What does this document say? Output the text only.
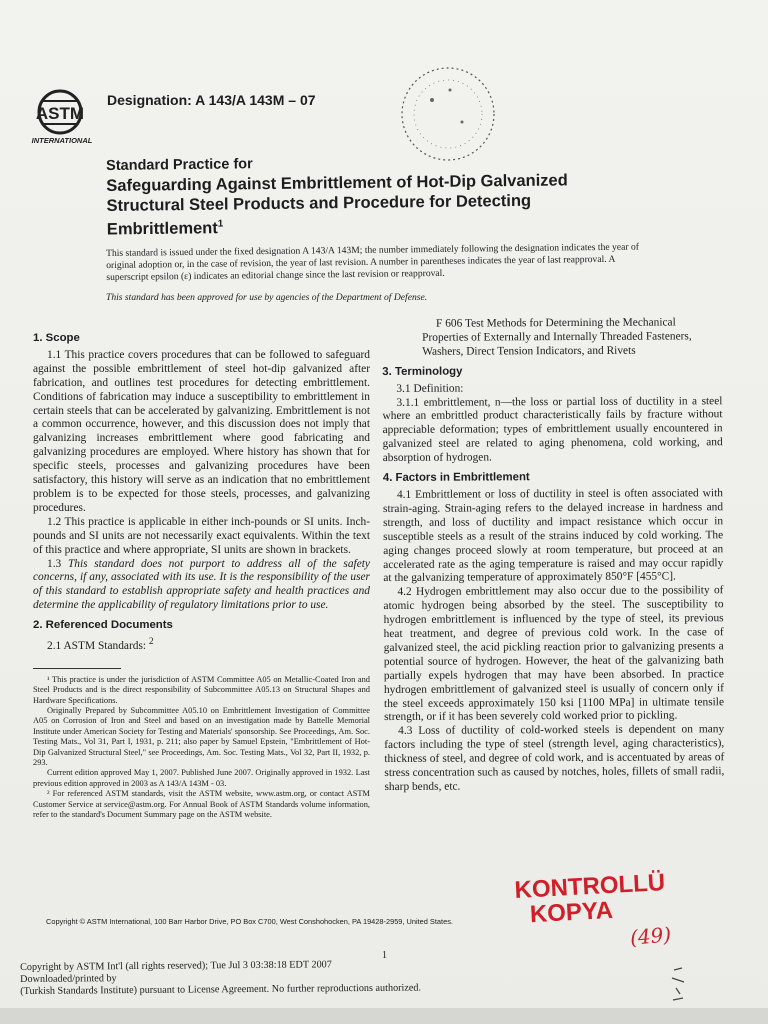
ASTM
INTERNATIONAL
Designation: A 143/A 143M – 07
Standard Practice for
Safeguarding Against Embrittlement of Hot-Dip Galvanized Structural Steel Products and Procedure for Detecting Embrittlement$^1$
This standard is issued under the fixed designation A 143/A 143M; the number immediately following the designation indicates the year of original adoption or, in the case of revision, the year of last revision. A number in parentheses indicates the year of last reapproval. A superscript epsilon (ε) indicates an editorial change since the last revision or reapproval.
This standard has been approved for use by agencies of the Department of Defense.
1. Scope

1.1 This practice covers procedures that can be followed to safeguard against the possible embrittlement of steel hot-dip galvanized after fabrication, and outlines test procedures for detecting embrittlement. Conditions of fabrication may induce a susceptibility to embrittlement in certain steels that can be accelerated by galvanizing. Embrittlement is not a common occurrence, however, and this discussion does not imply that galvanizing increases embrittlement where good fabricating and galvanizing procedures are employed. Where history has shown that for specific steels, processes and galvanizing procedures have been satisfactory, this history will serve as an indication that no embrittlement problem is to be expected for those steels, processes, and galvanizing procedures.

1.2 This practice is applicable in either inch-pounds or SI units. Inch-pounds and SI units are not necessarily exact equivalents. Within the text of this practice and where appropriate, SI units are shown in brackets.

1.3 This standard does not purport to address all of the safety concerns, if any, associated with its use. It is the responsibility of the user of this standard to establish appropriate safety and health practices and determine the applicability of regulatory limitations prior to use.

2. Referenced Documents

2.1 ASTM Standards: $^2$

¹ This practice is under the jurisdiction of ASTM Committee A05 on Metallic-Coated Iron and Steel Products and is the direct responsibility of Subcommittee A05.13 on Structural Shapes and Hardware Specifications.

Originally Prepared by Subcommittee A05.10 on Embrittlement Investigation of Committee A05 on Corrosion of Iron and Steel and based on an investigation made by Battelle Memorial Institute under American Society for Testing and Materials' sponsorship. See Proceedings, Am. Soc. Testing Mats., Vol 31, Part I, 1931, p. 211; also paper by Samuel Epstein, "Embrittlement of Hot-Dip Galvanized Structural Steel," see Proceedings, Am. Soc. Testing Mats., Vol 32, Part II, 1932, p. 293.

Current edition approved May 1, 2007. Published June 2007. Originally approved in 1932. Last previous edition approved in 2003 as A 143/A 143M - 03.

² For referenced ASTM standards, visit the ASTM website, www.astm.org, or contact ASTM Customer Service at service@astm.org. For Annual Book of ASTM Standards volume information, refer to the standard's Document Summary page on the ASTM website.

F 606 Test Methods for Determining the Mechanical Properties of Externally and Internally Threaded Fasteners, Washers, Direct Tension Indicators, and Rivets

3. Terminology

3.1 Definition:

3.1.1 embrittlement, n—the loss or partial loss of ductility in a steel where an embrittled product characteristically fails by fracture without appreciable deformation; types of embrittlement usually encountered in galvanized steel are related to aging phenomena, cold working, and absorption of hydrogen.

4. Factors in Embrittlement

4.1 Embrittlement or loss of ductility in steel is often associated with strain-aging. Strain-aging refers to the delayed increase in hardness and strength, and loss of ductility and impact resistance which occur in susceptible steels as a result of the strains induced by cold working. The aging changes proceed slowly at room temperature, but proceed at an accelerated rate as the aging temperature is raised and may occur rapidly at the galvanizing temperature of approximately 850°F [455°C].

4.2 Hydrogen embrittlement may also occur due to the possibility of atomic hydrogen being absorbed by the steel. The susceptibility to hydrogen embrittlement is influenced by the type of steel, its previous heat treatment, and degree of previous cold work. In the case of galvanized steel, the acid pickling reaction prior to galvanizing presents a potential source of hydrogen. However, the heat of the galvanizing bath partially expels hydrogen that may have been absorbed. In practice hydrogen embrittlement of galvanized steel is usually of concern only if the steel exceeds approximately 150 ksi [1100 MPa] in ultimate tensile strength, or if it has been severely cold worked prior to pickling.

4.3 Loss of ductility of cold-worked steels is dependent on many factors including the type of steel (strength level, aging characteristics), thickness of steel, and degree of cold work, and is accentuated by areas of stress concentration such as caused by notches, holes, fillets of small radii, sharp bends, etc.

Copyright © ASTM International, 100 Barr Harbor Drive, PO Box C700, West Conshohocken, PA 19428-2959, United States.
KONTROLLÜ
KOPYA
(49)
1
Copyright by ASTM Int'l (all rights reserved); Tue Jul 3 03:38:18 EDT 2007
Downloaded/printed by
(Turkish Standards Institute) pursuant to License Agreement. No further reproductions authorized.
